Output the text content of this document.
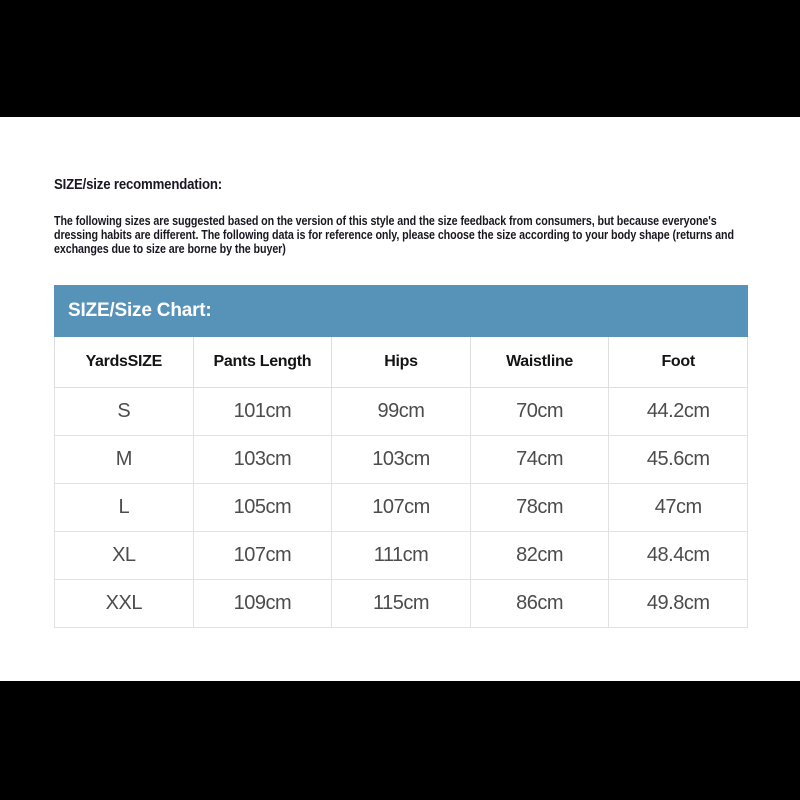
SIZE/size recommendation:
The following sizes are suggested based on the version of this style and the size feedback from consumers, but because everyone's dressing habits are different. The following data is for reference only, please choose the size according to your body shape (returns and exchanges due to size are borne by the buyer)
SIZE/Size Chart:
YardsSIZE	Pants Length	Hips	Waistline	Foot
S	101cm	99cm	70cm	44.2cm
M	103cm	103cm	74cm	45.6cm
L	105cm	107cm	78cm	47cm
XL	107cm	111cm	82cm	48.4cm
XXL	109cm	115cm	86cm	49.8cm
